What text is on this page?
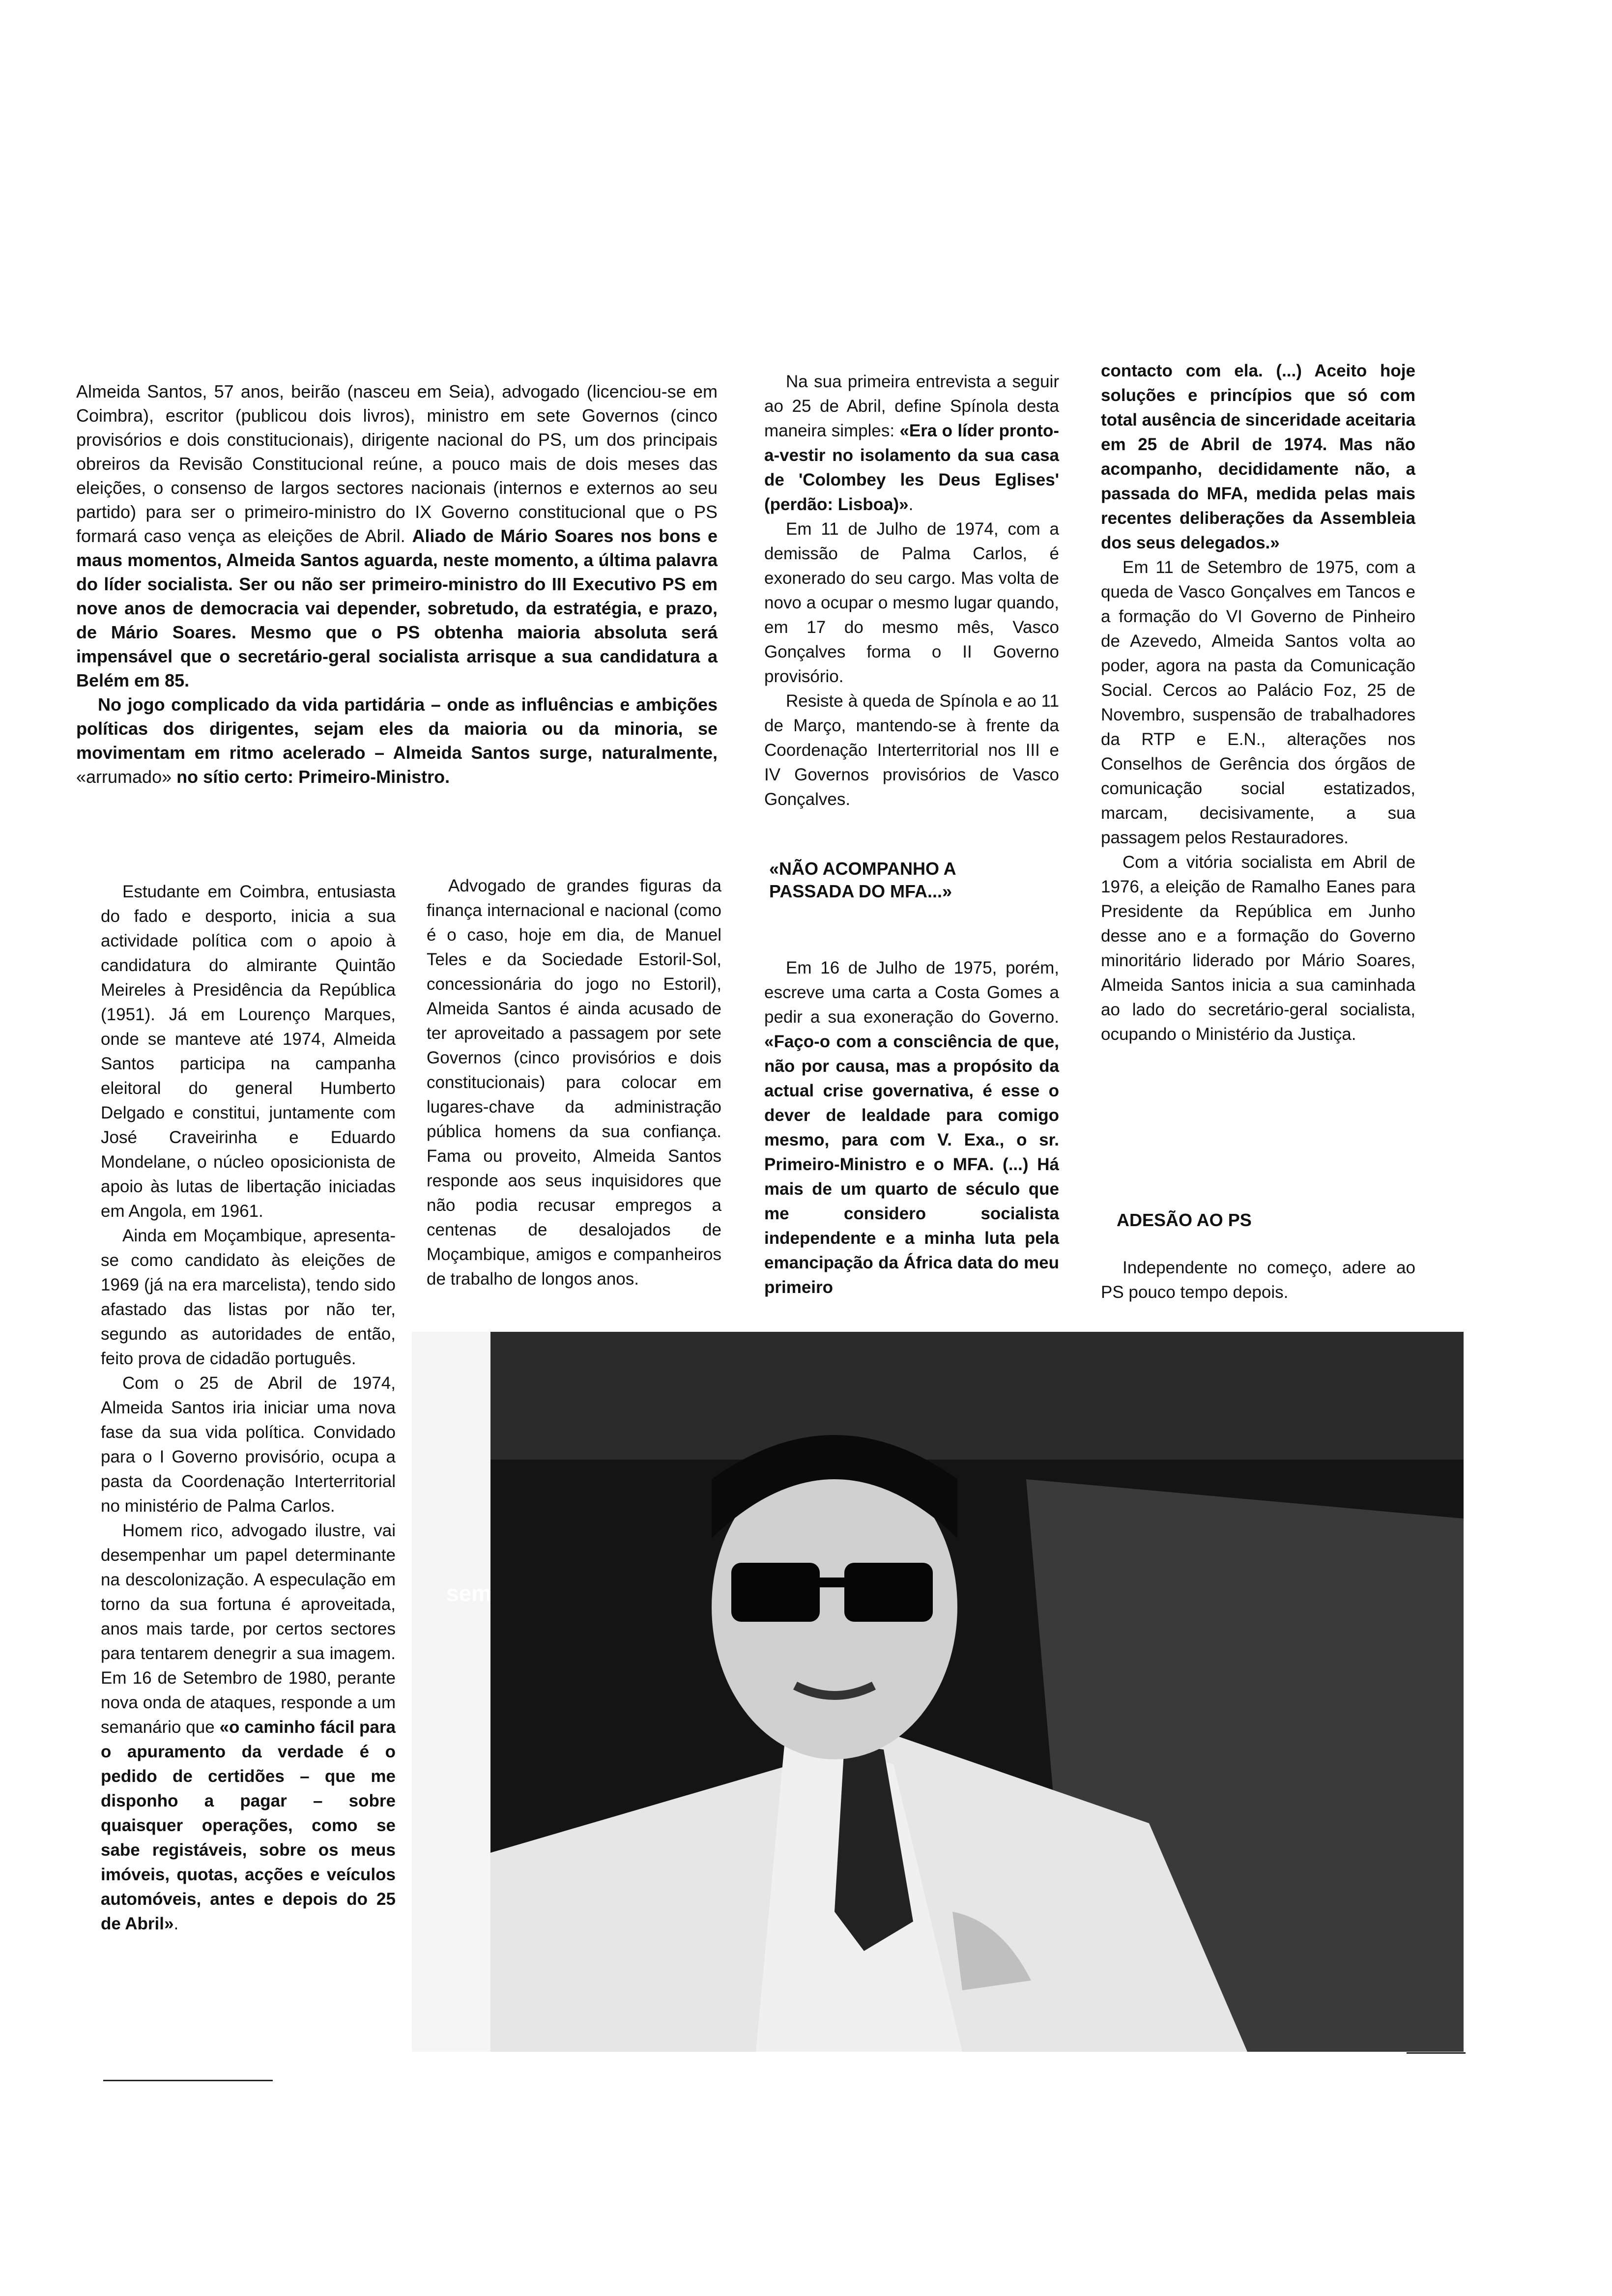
Almeida Santos, 57 anos, beirão (nasceu em Seia), advogado (licenciou-se em Coimbra), escritor (publicou dois livros), ministro em sete Governos (cinco provisórios e dois constitucionais), dirigente nacional do PS, um dos principais obreiros da Revisão Constitucional reúne, a pouco mais de dois meses das eleições, o consenso de largos sectores nacionais (internos e externos ao seu partido) para ser o primeiro-ministro do IX Governo constitucional que o PS formará caso vença as eleições de Abril. Aliado de Mário Soares nos bons e maus momentos, Almeida Santos aguarda, neste momento, a última palavra do líder socialista. Ser ou não ser primeiro-ministro do III Executivo PS em nove anos de democracia vai depender, sobretudo, da estratégia, e prazo, de Mário Soares. Mesmo que o PS obtenha maioria absoluta será impensável que o secretário-geral socialista arrisque a sua candidatura a Belém em 85.

No jogo complicado da vida partidária – onde as influências e ambições políticas dos dirigentes, sejam eles da maioria ou da minoria, se movimentam em ritmo acelerado – Almeida Santos surge, naturalmente, «arrumado» no sítio certo: Primeiro-Ministro.

Estudante em Coimbra, entusiasta do fado e desporto, inicia a sua actividade política com o apoio à candidatura do almirante Quintão Meireles à Presidência da República (1951). Já em Lourenço Marques, onde se manteve até 1974, Almeida Santos participa na campanha eleitoral do general Humberto Delgado e constitui, juntamente com José Craveirinha e Eduardo Mondelane, o núcleo oposicionista de apoio às lutas de libertação iniciadas em Angola, em 1961.

Ainda em Moçambique, apresenta-se como candidato às eleições de 1969 (já na era marcelista), tendo sido afastado das listas por não ter, segundo as autoridades de então, feito prova de cidadão português.

Com o 25 de Abril de 1974, Almeida Santos iria iniciar uma nova fase da sua vida política. Convidado para o I Governo provisório, ocupa a pasta da Coordenação Interterritorial no ministério de Palma Carlos.

Homem rico, advogado ilustre, vai desempenhar um papel determinante na descolonização. A especulação em torno da sua fortuna é aproveitada, anos mais tarde, por certos sectores para tentarem denegrir a sua imagem. Em 16 de Setembro de 1980, perante nova onda de ataques, responde a um semanário que «o caminho fácil para o apuramento da verdade é o pedido de certidões – que me disponho a pagar – sobre quaisquer operações, como se sabe registáveis, sobre os meus imóveis, quotas, acções e veículos automóveis, antes e depois do 25 de Abril».

Advogado de grandes figuras da finança internacional e nacional (como é o caso, hoje em dia, de Manuel Teles e da Sociedade Estoril-Sol, concessionária do jogo no Estoril), Almeida Santos é ainda acusado de ter aproveitado a passagem por sete Governos (cinco provisórios e dois constitucionais) para colocar em lugares-chave da administração pública homens da sua confiança. Fama ou proveito, Almeida Santos responde aos seus inquisidores que não podia recusar empregos a centenas de desalojados de Moçambique, amigos e companheiros de trabalho de longos anos.

Na sua primeira entrevista a seguir ao 25 de Abril, define Spínola desta maneira simples: «Era o líder pronto-a-vestir no isolamento da sua casa de 'Colombey les Deus Eglises' (perdão: Lisboa)».

Em 11 de Julho de 1974, com a demissão de Palma Carlos, é exonerado do seu cargo. Mas volta de novo a ocupar o mesmo lugar quando, em 17 do mesmo mês, Vasco Gonçalves forma o II Governo provisório.

Resiste à queda de Spínola e ao 11 de Março, mantendo-se à frente da Coordenação Interterritorial nos III e IV Governos provisórios de Vasco Gonçalves.

«NÃO ACOMPANHO A PASSADA DO MFA...»

Em 16 de Julho de 1975, porém, escreve uma carta a Costa Gomes a pedir a sua exoneração do Governo. «Faço-o com a consciência de que, não por causa, mas a propósito da actual crise governativa, é esse o dever de lealdade para comigo mesmo, para com V. Exa., o sr. Primeiro-Ministro e o MFA. (...) Há mais de um quarto de século que me considero socialista independente e a minha luta pela emancipação da África data do meu primeiro

contacto com ela. (...) Aceito hoje soluções e princípios que só com total ausência de sinceridade aceitaria em 25 de Abril de 1974. Mas não acompanho, decididamente não, a passada do MFA, medida pelas mais recentes deliberações da Assembleia dos seus delegados.»

Em 11 de Setembro de 1975, com a queda de Vasco Gonçalves em Tancos e a formação do VI Governo de Pinheiro de Azevedo, Almeida Santos volta ao poder, agora na pasta da Comunicação Social. Cercos ao Palácio Foz, 25 de Novembro, suspensão de trabalhadores da RTP e E.N., alterações nos Conselhos de Gerência dos órgãos de comunicação social estatizados, marcam, decisivamente, a sua passagem pelos Restauradores.

Com a vitória socialista em Abril de 1976, a eleição de Ramalho Eanes para Presidente da República em Junho desse ano e a formação do Governo minoritário liderado por Mário Soares, Almeida Santos inicia a sua caminhada ao lado do secretário-geral socialista, ocupando o Ministério da Justiça.

ADESÃO AO PS

Independente no começo, adere ao PS pouco tempo depois.

sem
